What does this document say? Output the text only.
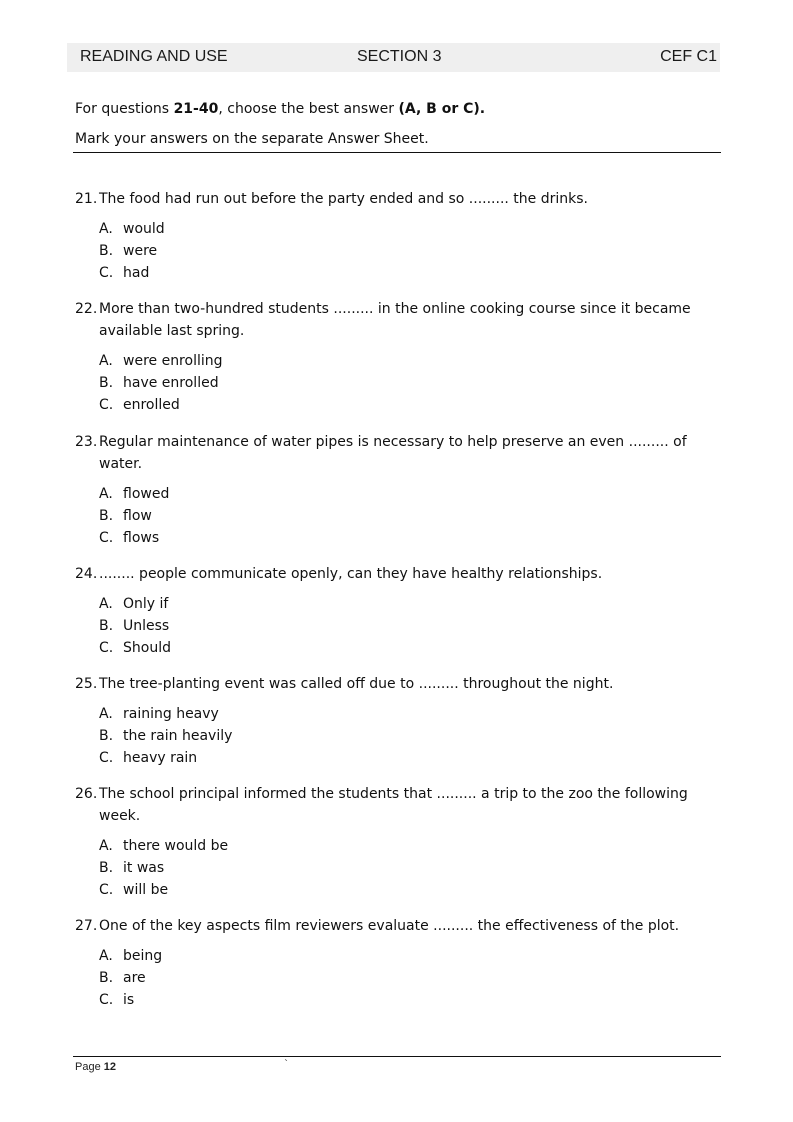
READING AND USE	SECTION 3	CEF C1

For questions 21-40, choose the best answer (A, B or C).

Mark your answers on the separate Answer Sheet.

21. The food had run out before the party ended and so ......... the drinks.
A. would
B. were
C. had
22. More than two-hundred students ......... in the online cooking course since it became available last spring.
A. were enrolling
B. have enrolled
C. enrolled
23. Regular maintenance of water pipes is necessary to help preserve an even ......... of water.
A. flowed
B. flow
C. flows
24. ........ people communicate openly, can they have healthy relationships.
A. Only if
B. Unless
C. Should
25. The tree-planting event was called off due to ......... throughout the night.
A. raining heavy
B. the rain heavily
C. heavy rain
26. The school principal informed the students that ......... a trip to the zoo the following week.
A. there would be
B. it was
C. will be
27. One of the key aspects film reviewers evaluate ......... the effectiveness of the plot.
A. being
B. are
C. is
Page 12	`
